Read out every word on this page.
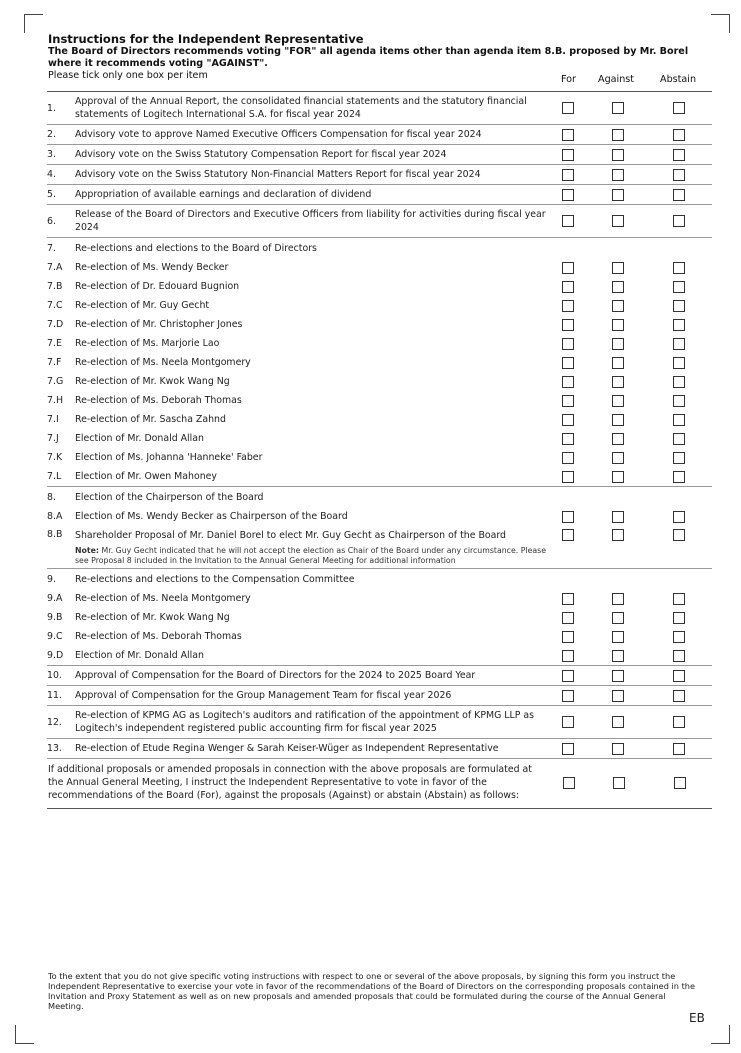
Instructions for the Independent Representative
The Board of Directors recommends voting "FOR" all agenda items other than agenda item 8.B. proposed by Mr. Borel
where it recommends voting "AGAINST".
Please tick only one box per item	For Against	Abstain
1.
Approval of the Annual Report, the consolidated financial statements and the statutory financial statements of Logitech International S.A. for fiscal year 2024
2.	Advisory vote to approve Named Executive Officers Compensation for fiscal year 2024
3.	Advisory vote on the Swiss Statutory Compensation Report for fiscal year 2024
4.	Advisory vote on the Swiss Statutory Non-Financial Matters Report for fiscal year 2024
5.	Appropriation of available earnings and declaration of dividend
6.
Release of the Board of Directors and Executive Officers from liability for activities during fiscal year 2024
7.	Re-elections and elections to the Board of Directors
7.A	Re-election of Ms. Wendy Becker
7.B	Re-election of Dr. Edouard Bugnion
7.C	Re-election of Mr. Guy Gecht
7.D	Re-election of Mr. Christopher Jones
7.E	Re-election of Ms. Marjorie Lao
7.F	Re-election of Ms. Neela Montgomery
7.G	Re-election of Mr. Kwok Wang Ng
7.H	Re-election of Ms. Deborah Thomas
7.I	Re-election of Mr. Sascha Zahnd
7.J	Election of Mr. Donald Allan
7.K	Election of Ms. Johanna 'Hanneke' Faber
7.L	Election of Mr. Owen Mahoney
8.	Election of the Chairperson of the Board
8.A	Election of Ms. Wendy Becker as Chairperson of the Board
8.B	Shareholder Proposal of Mr. Daniel Borel to elect Mr. Guy Gecht as Chairperson of the Board
Note: Mr. Guy Gecht indicated that he will not accept the election as Chair of the Board under any circumstance. Please see Proposal 8 included in the Invitation to the Annual General Meeting for additional information
9.	Re-elections and elections to the Compensation Committee
9.A	Re-election of Ms. Neela Montgomery
9.B	Re-election of Mr. Kwok Wang Ng
9.C	Re-election of Ms. Deborah Thomas
9.D	Election of Mr. Donald Allan
10.	Approval of Compensation for the Board of Directors for the 2024 to 2025 Board Year
11.	Approval of Compensation for the Group Management Team for fiscal year 2026
12.
Re-election of KPMG AG as Logitech's auditors and ratification of the appointment of KPMG LLP as Logitech's independent registered public accounting firm for fiscal year 2025
13.	Re-election of Etude Regina Wenger & Sarah Keiser-Wüger as Independent Representative
If additional proposals or amended proposals in connection with the above proposals are formulated at the Annual General Meeting, I instruct the Independent Representative to vote in favor of the recommendations of the Board (For), against the proposals (Against) or abstain (Abstain) as follows:
To the extent that you do not give specific voting instructions with respect to one or several of the above proposals, by signing this form you instruct the Independent Representative to exercise your vote in favor of the recommendations of the Board of Directors on the corresponding proposals contained in the Invitation and Proxy Statement as well as on new proposals and amended proposals that could be formulated during the course of the Annual General Meeting.
EB
